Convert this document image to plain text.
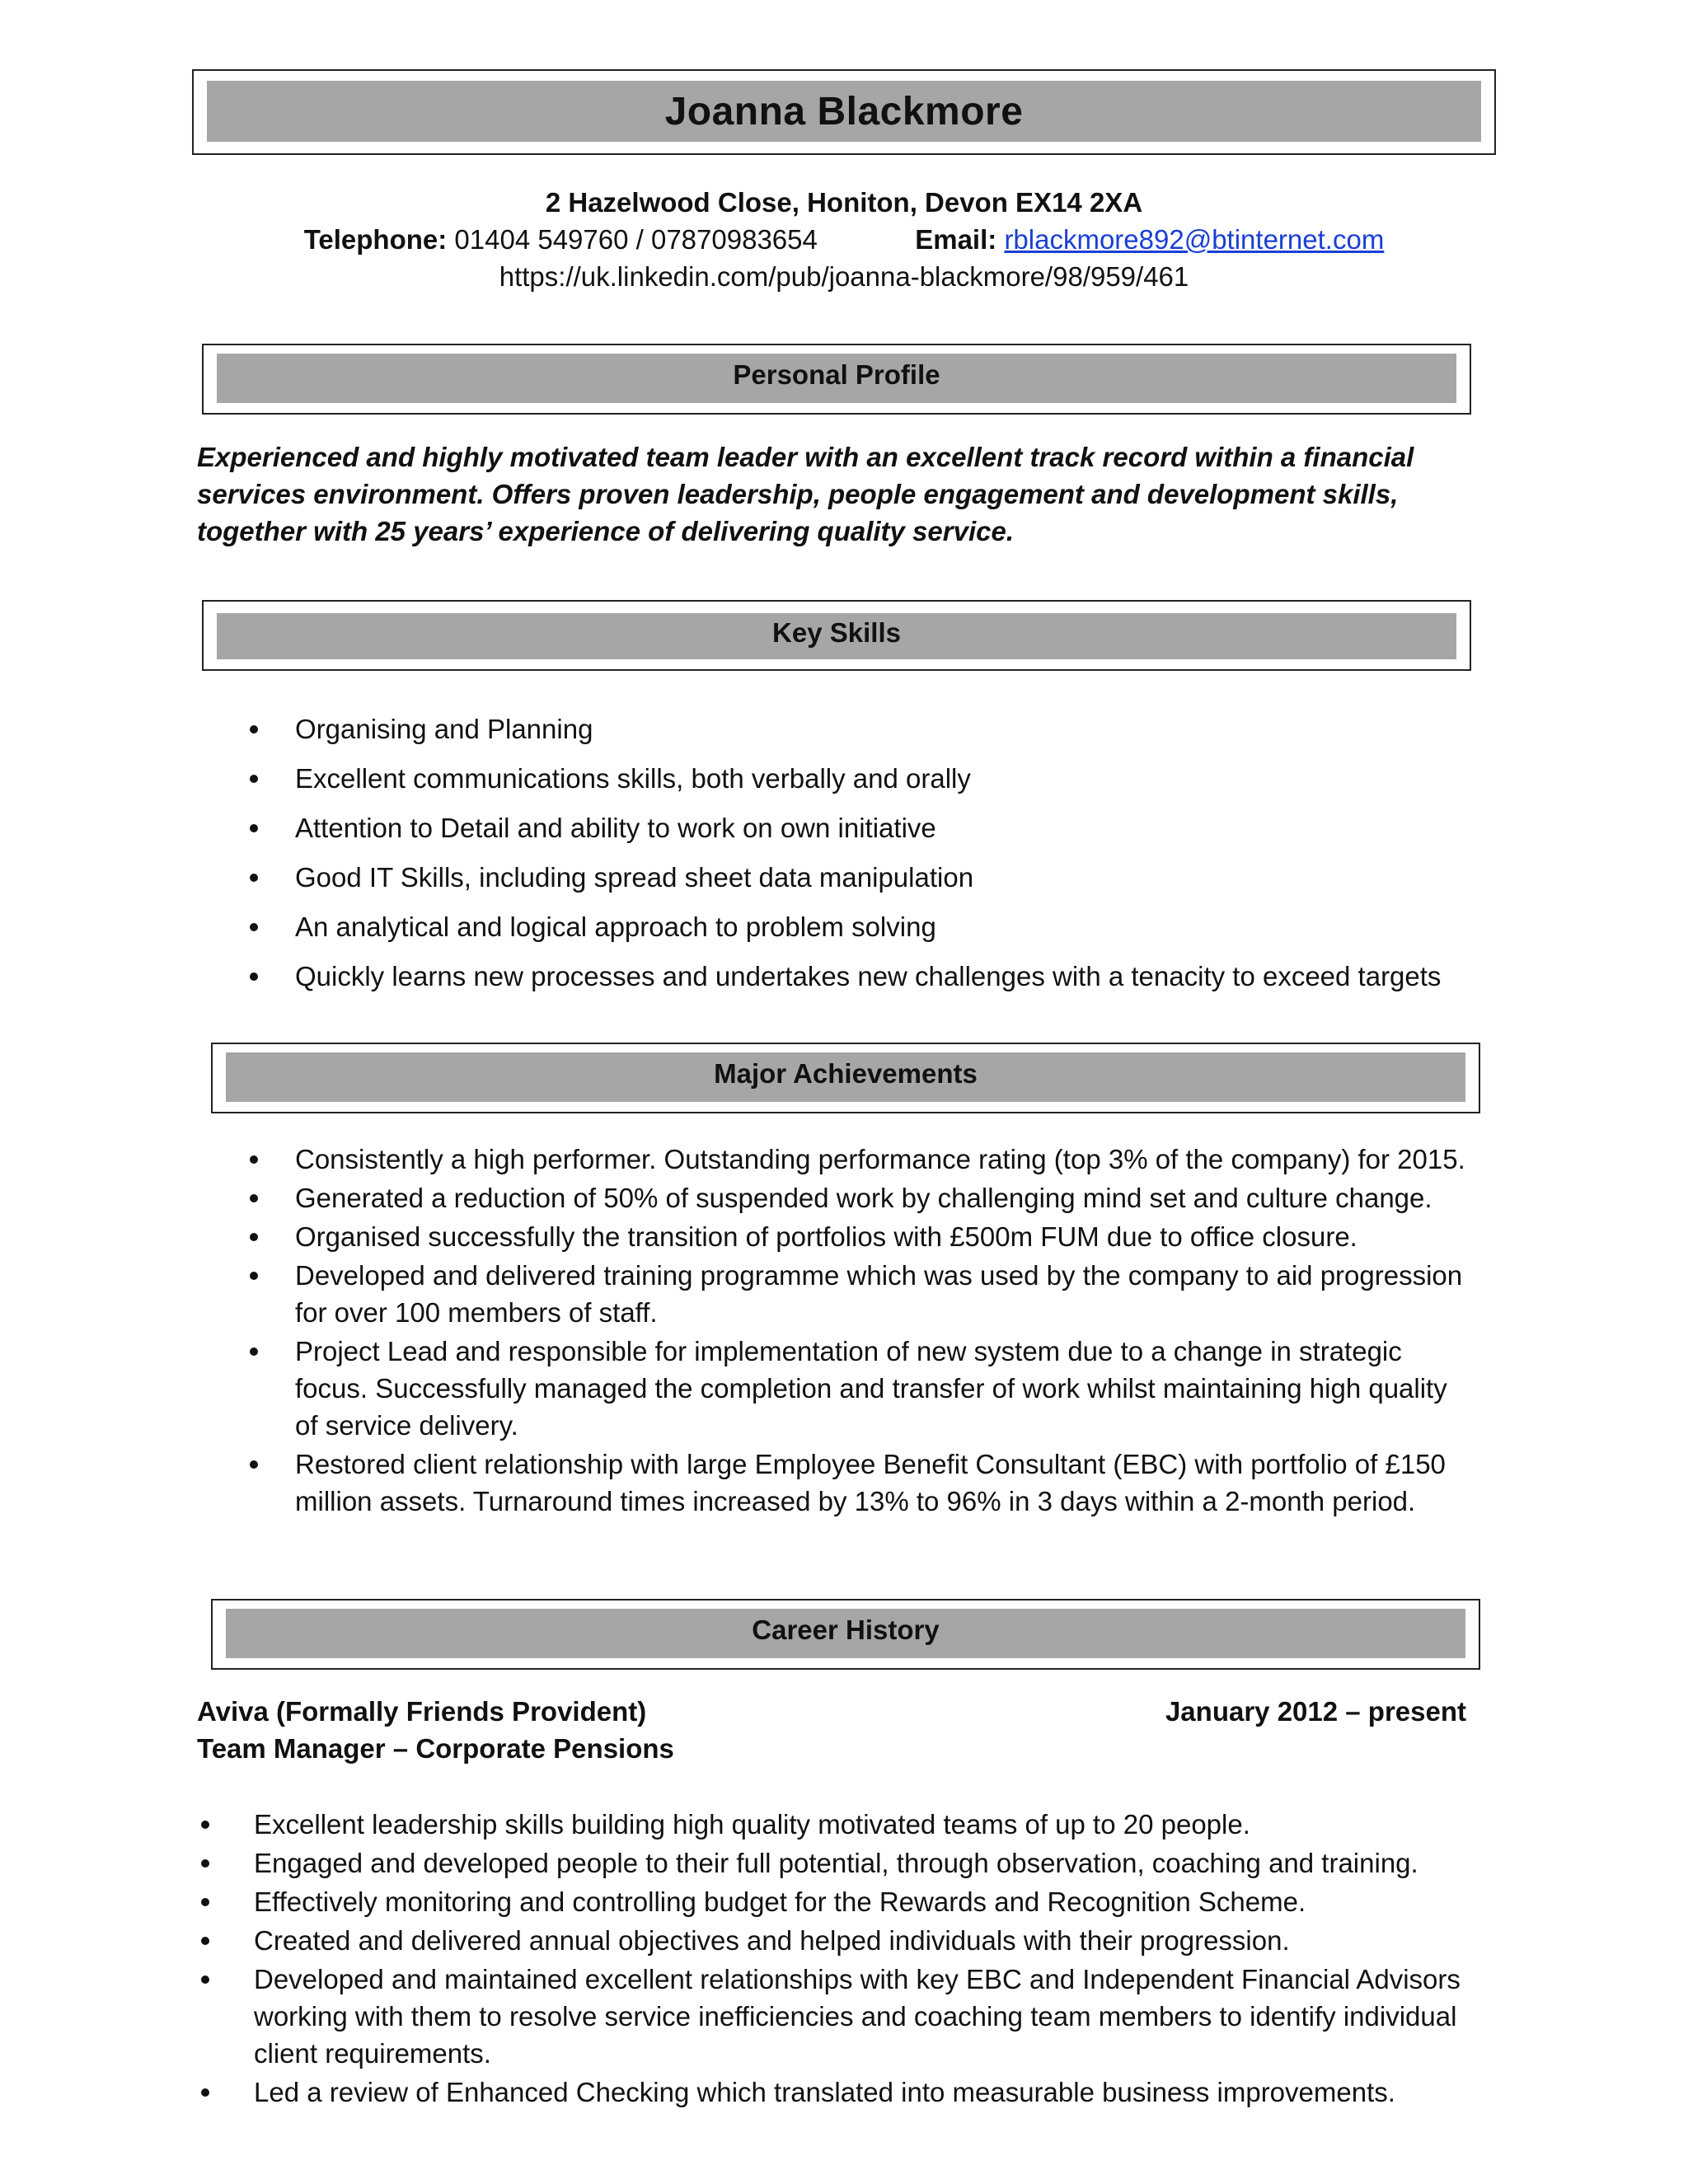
Joanna Blackmore
2 Hazelwood Close, Honiton, Devon EX14 2XA
Telephone: 01404 549760 / 07870983654	Email: rblackmore892@btinternet.com
https://uk.linkedin.com/pub/joanna-blackmore/98/959/461
Personal Profile

Experienced and highly motivated team leader with an excellent track record within a financial services environment. Offers proven leadership, people engagement and development skills, together with 25 years’ experience of delivering quality service.

Key Skills
Organising and Planning
Excellent communications skills, both verbally and orally
Attention to Detail and ability to work on own initiative
Good IT Skills, including spread sheet data manipulation
An analytical and logical approach to problem solving
Quickly learns new processes and undertakes new challenges with a tenacity to exceed targets
Major Achievements
Consistently a high performer. Outstanding performance rating (top 3% of the company) for 2015.
Generated a reduction of 50% of suspended work by challenging mind set and culture change.
Organised successfully the transition of portfolios with £500m FUM due to office closure.
Developed and delivered training programme which was used by the company to aid progression for over 100 members of staff.
Project Lead and responsible for implementation of new system due to a change in strategic focus. Successfully managed the completion and transfer of work whilst maintaining high quality of service delivery.
Restored client relationship with large Employee Benefit Consultant (EBC) with portfolio of £150 million assets. Turnaround times increased by 13% to 96% in 3 days within a 2-month period.
Career History
Aviva (Formally Friends Provident)	January 2012 – present
Team Manager – Corporate Pensions
Excellent leadership skills building high quality motivated teams of up to 20 people.
Engaged and developed people to their full potential, through observation, coaching and training.
Effectively monitoring and controlling budget for the Rewards and Recognition Scheme.
Created and delivered annual objectives and helped individuals with their progression.
Developed and maintained excellent relationships with key EBC and Independent Financial Advisors working with them to resolve service inefficiencies and coaching team members to identify individual client requirements.
Led a review of Enhanced Checking which translated into measurable business improvements.
